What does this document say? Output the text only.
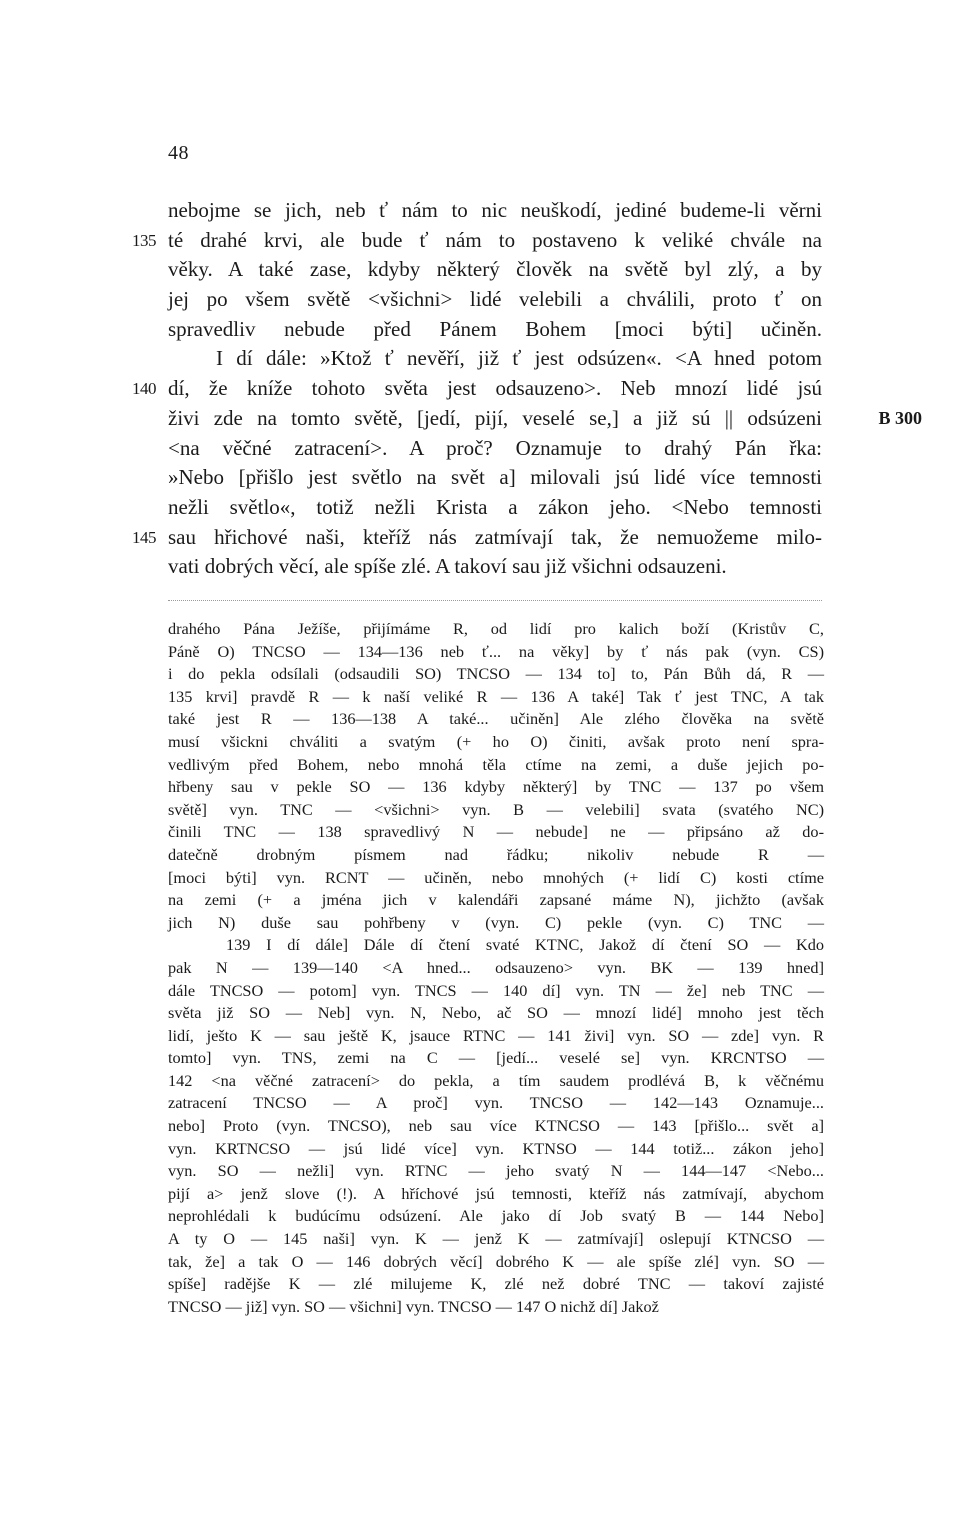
48
nebojme se jich, neb ť nám to nic neuškodí, jediné budeme-li věrni
135 té drahé krvi, ale bude ť nám to postaveno k veliké chvále na
věky. A také zase, kdyby některý člověk na světě byl zlý, a by
jej po všem světě <všichni> lidé velebili a chválili, proto ť on
spravedliv nebude před Pánem Bohem [moci býti] učiněn.
I dí dále: »Ktož ť nevěří, již ť jest odsúzen«. <A hned potom
140 dí, že kníže tohoto světa jest odsauzeno>. Neb mnozí lidé jsú
živi zde na tomto světě, [jedí, pijí, veselé se,] a již sú || odsúzeni	B 300
<na věčné zatracení>. A proč? Oznamuje to drahý Pán řka:
»Nebo [přišlo jest světlo na svět a] milovali jsú lidé více temnosti
nežli světlo«, totiž nežli Krista a zákon jeho. <Nebo temnosti
145 sau hřichové naši, kteříž nás zatmívají tak, že nemuožeme milo-
vati dobrých věcí, ale spíše zlé. A takoví sau již všichni odsauzeni.
drahého Pána Ježíše, přijímáme R, od lidí pro kalich boží (Kristův C,
Páně O) TNCSO — 134—136 neb ť... na věky] by ť nás pak (vyn. CS)
i do pekla odsílali (odsaudili SO) TNCSO — 134 to] to, Pán Bůh dá, R —
135 krvi] pravdě R — k naší veliké R — 136 A také] Tak ť jest TNC, A tak
také jest R — 136—138 A také... učiněn] Ale zlého člověka na světě
musí všickni chváliti a svatým (+ ho O) činiti, avšak proto není spra-
vedlivým před Bohem, nebo mnohá těla ctíme na zemi, a duše jejich po-
hřbeny sau v pekle SO — 136 kdyby některý] by TNC — 137 po všem
světě] vyn. TNC — <všichni> vyn. B — velebili] svata (svatého NC)
činili TNC — 138 spravedlivý N — nebude] ne — připsáno až do-
datečně drobným písmem nad řádku; nikoliv nebude R —
[moci býti] vyn. RCNT — učiněn, nebo mnohých (+ lidí C) kosti ctíme
na zemi (+ a jména jich v kalendáři zapsané máme N), jichžto (avšak
jich N) duše sau pohřbeny v (vyn. C) pekle (vyn. C) TNC —
139 I dí dále] Dále dí čtení svaté KTNC, Jakož dí čtení SO — Kdo
pak N — 139—140 <A hned... odsauzeno> vyn. BK — 139 hned]
dále TNCSO — potom] vyn. TNCS — 140 dí] vyn. TN — že] neb TNC —
světa již SO — Neb] vyn. N, Nebo, ač SO — mnozí lidé] mnoho jest těch
lidí, ješto K — sau ještě K, jsauce RTNC — 141 živi] vyn. SO — zde] vyn. R
tomto] vyn. TNS, zemi na C — [jedí... veselé se] vyn. KRCNTSO —
142 <na věčné zatracení> do pekla, a tím saudem prodlévá B, k věčnému
zatracení TNCSO — A proč] vyn. TNCSO — 142—143 Oznamuje...
nebo] Proto (vyn. TNCSO), neb sau více KTNCSO — 143 [přišlo... svět a]
vyn. KRTNCSO — jsú lidé více] vyn. KTNSO — 144 totiž... zákon jeho]
vyn. SO — nežli] vyn. RTNC — jeho svatý N — 144—147 <Nebo...
pijí a> jenž slove (!). A hříchové jsú temnosti, kteříž nás zatmívají, abychom
neprohlédali k budúcímu odsúzení. Ale jako dí Job svatý B — 144 Nebo]
A ty O — 145 naši] vyn. K — jenž K — zatmívají] oslepují KTNCSO —
tak, že] a tak O — 146 dobrých věcí] dobrého K — ale spíše zlé] vyn. SO —
spíše] radějše K — zlé milujeme K, zlé než dobré TNC — takoví zajisté
TNCSO — již] vyn. SO — všichni] vyn. TNCSO — 147 O nichž dí] Jakož
